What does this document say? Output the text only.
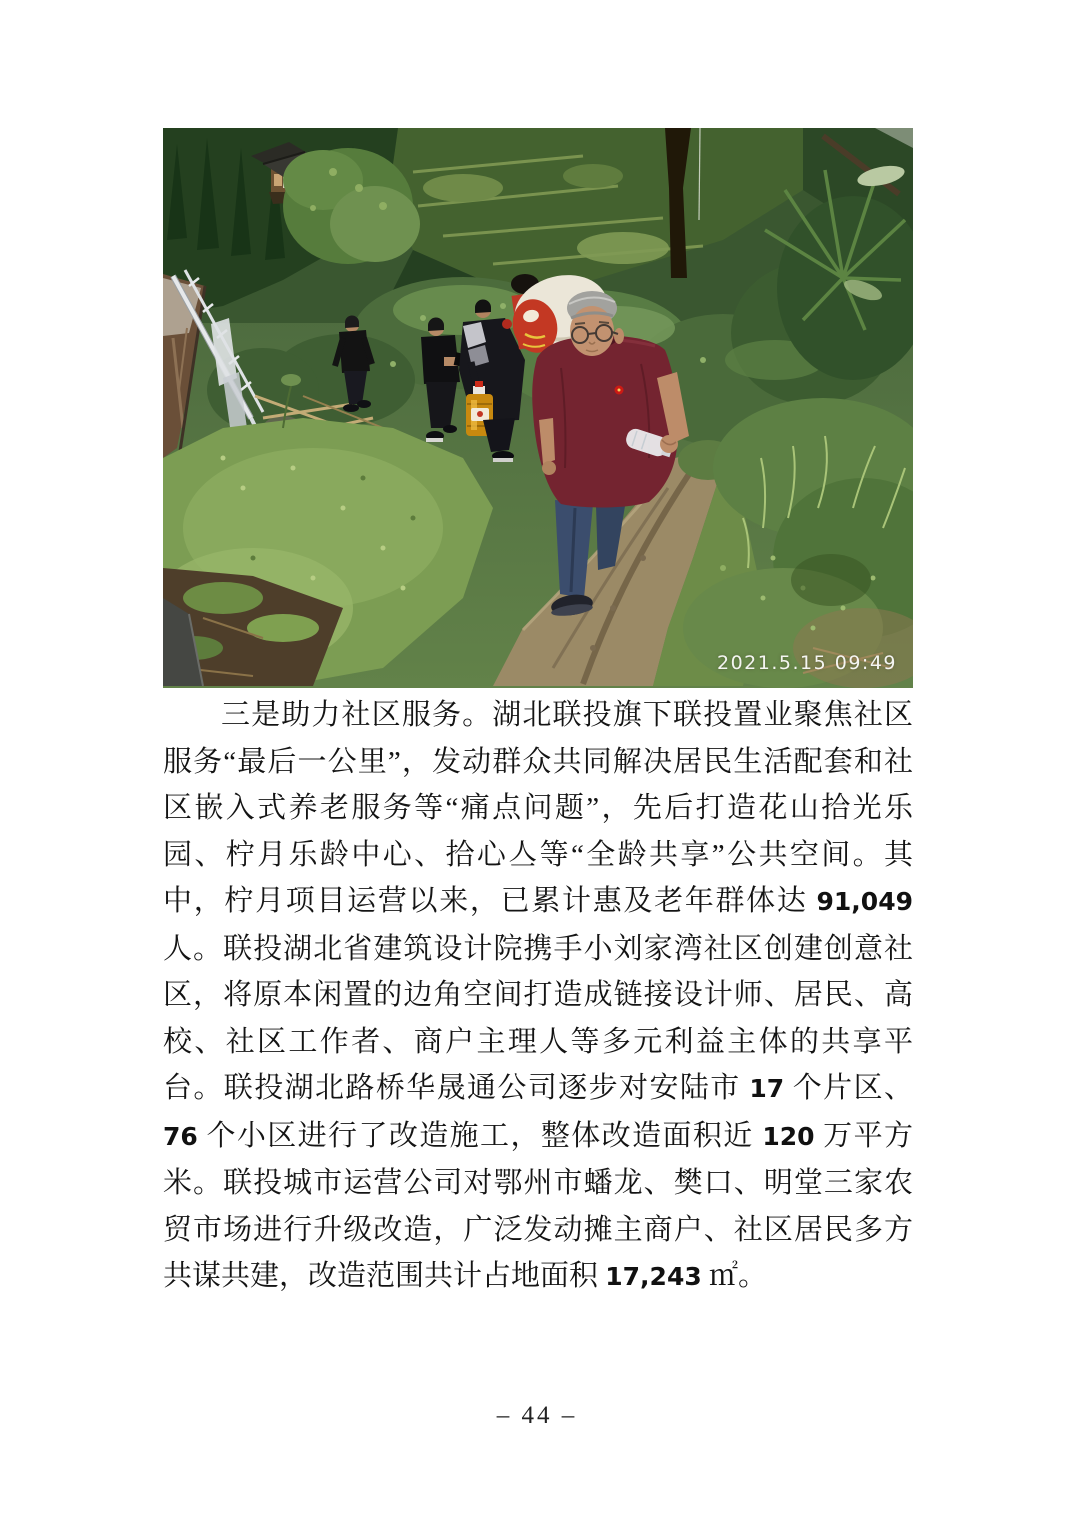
2021.5.15 09:49

三是助力社区服务。湖北联投旗下联投置业聚焦社区服务“最后一公里”，发动群众共同解决居民生活配套和社区嵌入式养老服务等“痛点问题”，先后打造花山拾光乐园、柠月乐龄中心、拾心亼等“全龄共享”公共空间。其中，柠月项目运营以来，已累计惠及老年群体达 91,049 人。联投湖北省建筑设计院携手小刘家湾社区创建创意社区，将原本闲置的边角空间打造成链接设计师、居民、高校、社区工作者、商户主理人等多元利益主体的共享平台。联投湖北路桥华晟通公司逐步对安陆市 17 个片区、76 个小区进行了改造施工，整体改造面积近 120 万平方米。联投城市运营公司对鄂州市蟠龙、樊口、明堂三家农贸市场进行升级改造，广泛发动摊主商户、社区居民多方共谋共建，改造范围共计占地面积 17,243 ㎡。

– 44 –
